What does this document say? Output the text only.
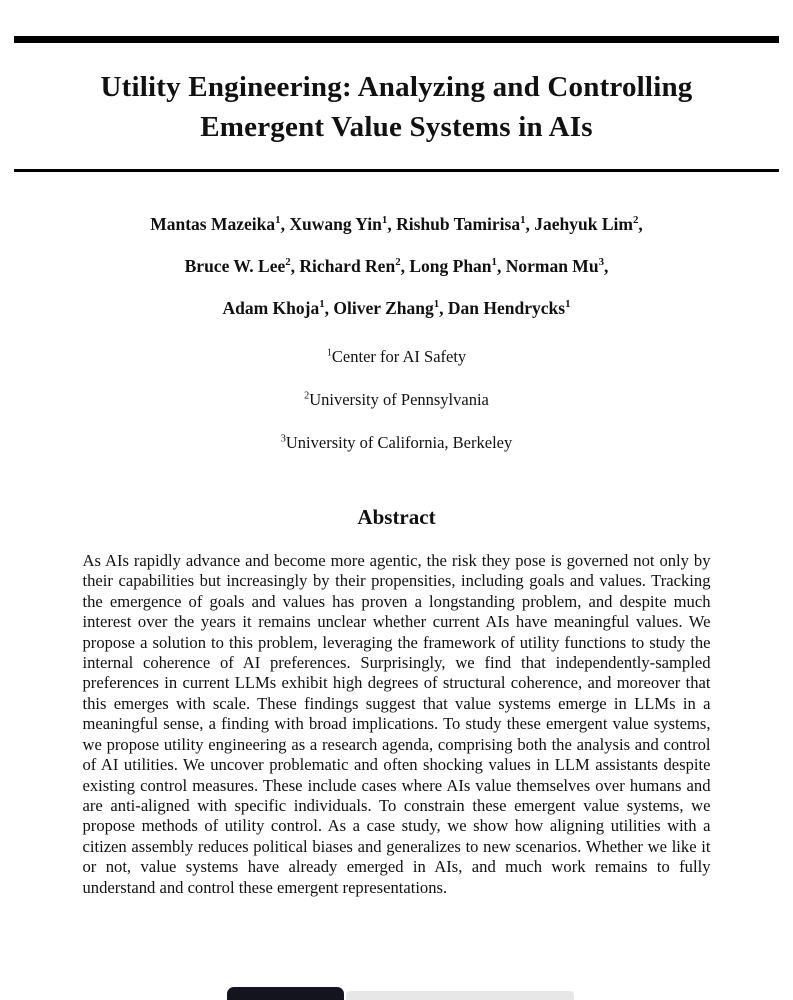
Utility Engineering: Analyzing and Controlling
Emergent Value Systems in AIs
Mantas Mazeika$^1$, Xuwang Yin$^1$, Rishub Tamirisa$^1$, Jaehyuk Lim$^2$,
Bruce W. Lee$^2$, Richard Ren$^2$, Long Phan$^1$, Norman Mu$^3$,
Adam Khoja$^1$, Oliver Zhang$^1$, Dan Hendrycks$^1$
$^1$Center for AI Safety
$^2$University of Pennsylvania
$^3$University of California, Berkeley
Abstract
As AIs rapidly advance and become more agentic, the risk they pose is governed not only by their capabilities but increasingly by their propensities, including goals and values. Tracking the emergence of goals and values has proven a longstanding problem, and despite much interest over the years it remains unclear whether current AIs have meaningful values. We propose a solution to this problem, leveraging the framework of utility functions to study the internal coherence of AI preferences. Surprisingly, we find that independently-sampled preferences in current LLMs exhibit high degrees of structural coherence, and moreover that this emerges with scale. These findings suggest that value systems emerge in LLMs in a meaningful sense, a finding with broad implications. To study these emergent value systems, we propose utility engineering as a research agenda, comprising both the analysis and control of AI utilities. We uncover problematic and often shocking values in LLM assistants despite existing control measures. These include cases where AIs value themselves over humans and are anti-aligned with specific individuals. To constrain these emergent value systems, we propose methods of utility control. As a case study, we show how aligning utilities with a citizen assembly reduces political biases and generalizes to new scenarios. Whether we like it or not, value systems have already emerged in AIs, and much work remains to fully understand and control these emergent representations.
